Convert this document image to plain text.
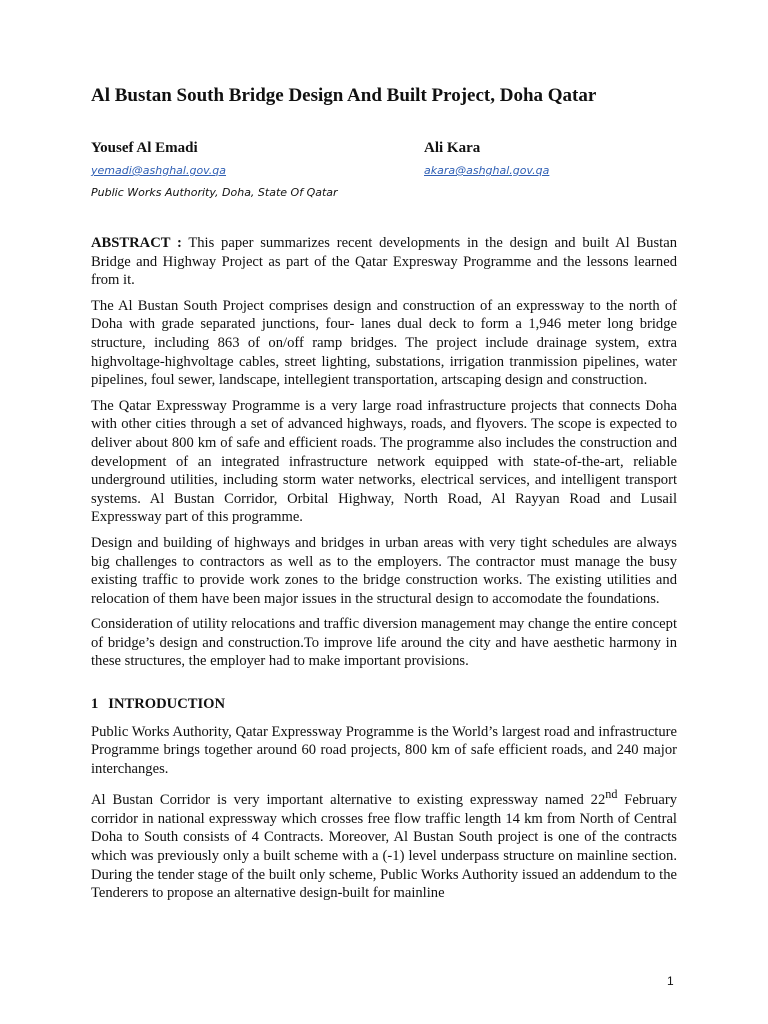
Al Bustan South Bridge Design And Built Project, Doha Qatar
Yousef Al Emadi	Ali Kara
yemadi@ashghal.gov.qa	akara@ashghal.gov.qa
Public Works Authority, Doha, State Of Qatar

ABSTRACT : This paper summarizes recent developments in the design and built Al Bustan Bridge and Highway Project as part of the Qatar Expresway Programme and the lessons learned from it.

The Al Bustan South Project comprises design and construction of an expressway to the north of Doha with grade separated junctions, four- lanes dual deck to form a 1,946 meter long bridge structure, including 863 of on/off ramp bridges. The project include drainage system, extra highvoltage-highvoltage cables, street lighting, substations, irrigation tranmission pipelines, water pipelines, foul sewer, landscape, intellegient transportation, artscaping design and construction.

The Qatar Expressway Programme is a very large road infrastructure projects that connects Doha with other cities through a set of advanced highways, roads, and flyovers. The scope is expected to deliver about 800 km of safe and efficient roads. The programme also includes the construction and development of an integrated infrastructure network equipped with state-of-the-art, reliable underground utilities, including storm water networks, electrical services, and intelligent transport systems. Al Bustan Corridor, Orbital Highway, North Road, Al Rayyan Road and Lusail Expressway part of this programme.

Design and building of highways and bridges in urban areas with very tight schedules are always big challenges to contractors as well as to the employers. The contractor must manage the busy existing traffic to provide work zones to the bridge construction works. The existing utilities and relocation of them have been major issues in the structural design to accomodate the foundations.

Consideration of utility relocations and traffic diversion management may change the entire concept of bridge’s design and construction.To improve life around the city and have aesthetic harmony in these structures, the employer had to make important provisions.

1 INTRODUCTION

Public Works Authority, Qatar Expressway Programme is the World’s largest road and infrastructure Programme brings together around 60 road projects, 800 km of safe efficient roads, and 240 major interchanges.

Al Bustan Corridor is very important alternative to existing expressway named 22nd February corridor in national expressway which crosses free flow traffic length 14 km from North of Central Doha to South consists of 4 Contracts. Moreover, Al Bustan South project is one of the contracts which was previously only a built scheme with a (-1) level underpass structure on mainline section. During the tender stage of the built only scheme, Public Works Authority issued an addendum to the Tenderers to propose an alternative design-built for mainline

1
